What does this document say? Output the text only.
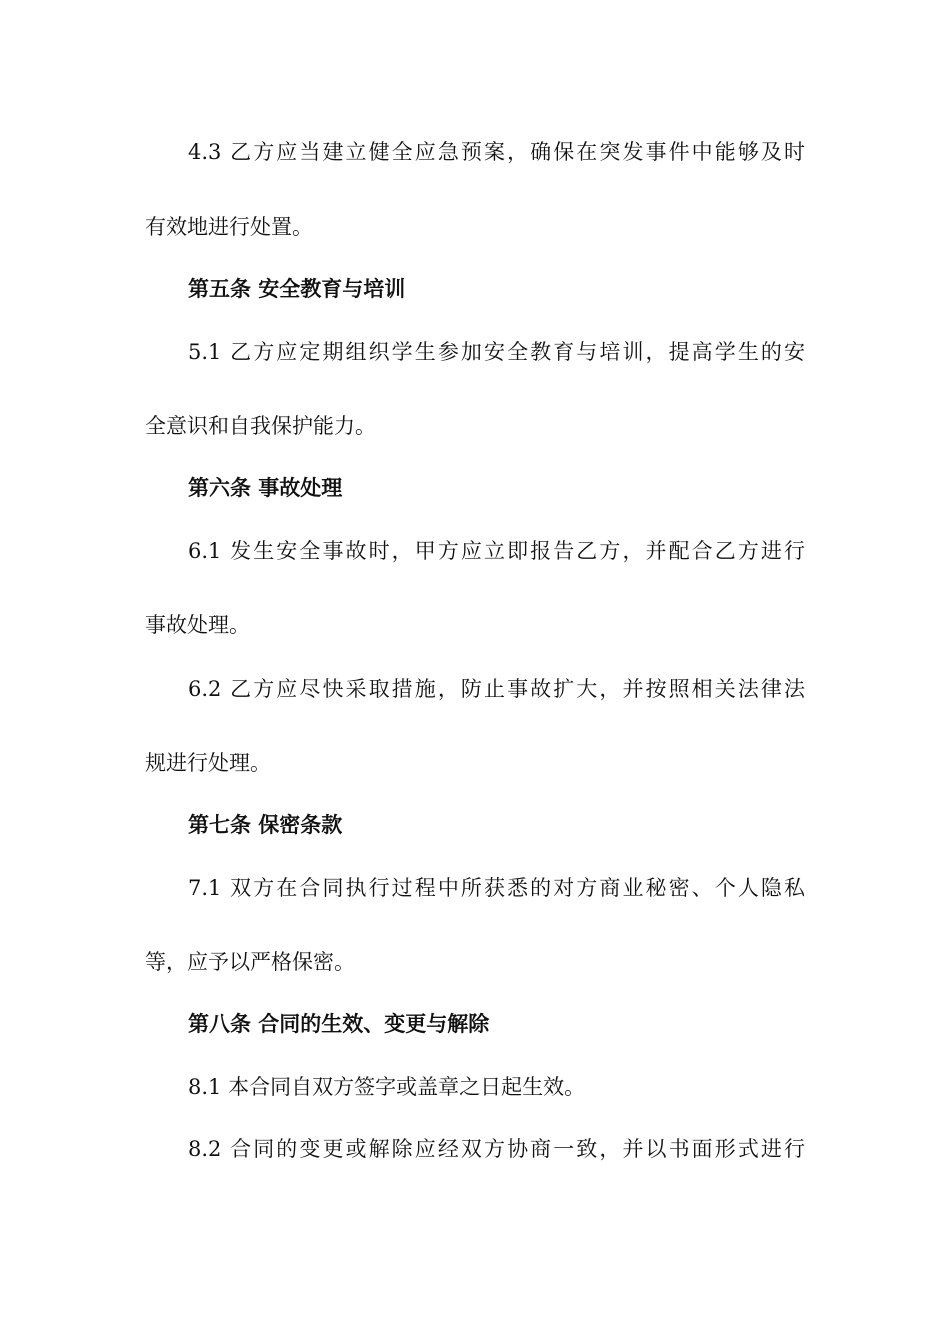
4.3 乙方应当建立健全应急预案，确保在突发事件中能够及时
有效地进行处置。
第五条 安全教育与培训
5.1 乙方应定期组织学生参加安全教育与培训，提高学生的安
全意识和自我保护能力。
第六条 事故处理
6.1 发生安全事故时，甲方应立即报告乙方，并配合乙方进行
事故处理。
6.2 乙方应尽快采取措施，防止事故扩大，并按照相关法律法
规进行处理。
第七条 保密条款
7.1 双方在合同执行过程中所获悉的对方商业秘密、个人隐私
等，应予以严格保密。
第八条 合同的生效、变更与解除
8.1 本合同自双方签字或盖章之日起生效。
8.2 合同的变更或解除应经双方协商一致，并以书面形式进行
